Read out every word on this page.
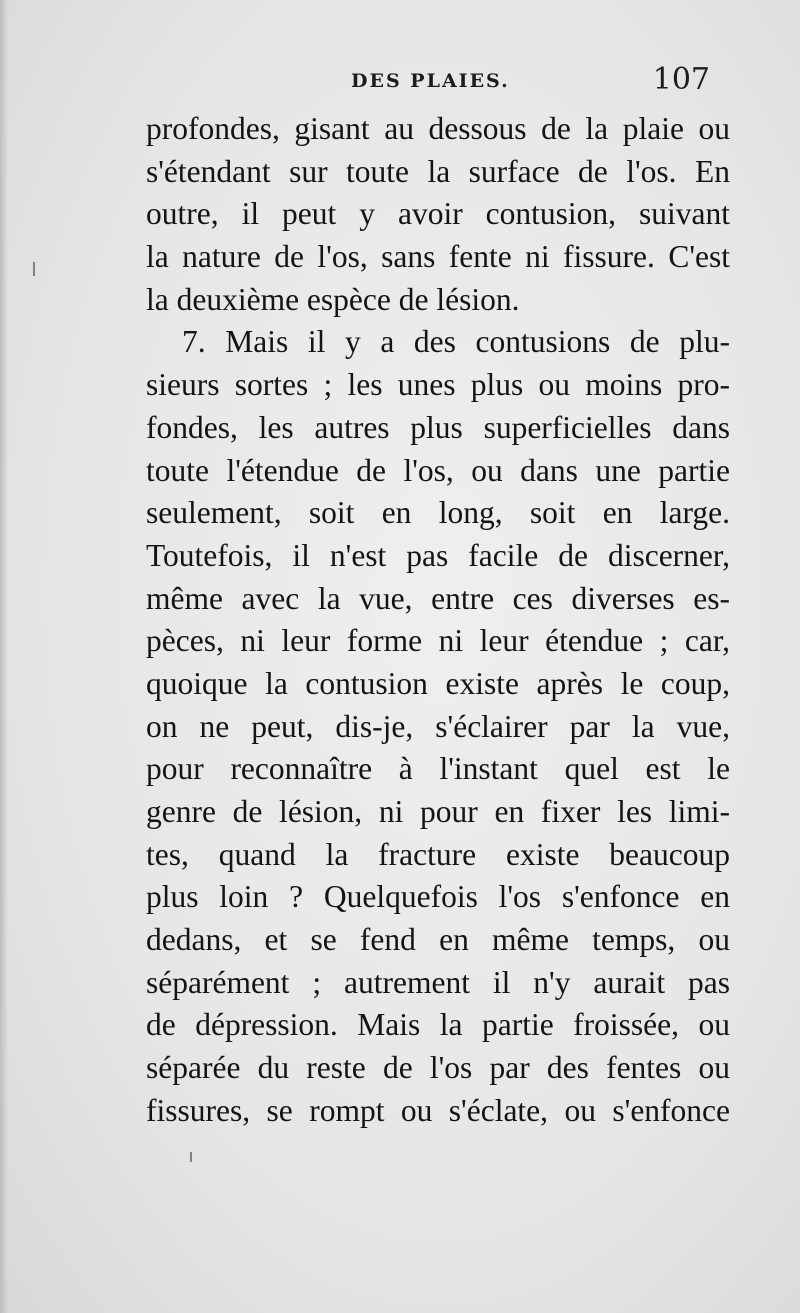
DES PLAIES.	107
profondes, gisant au dessous de la plaie ou
s'étendant sur toute la surface de l'os. En
outre, il peut y avoir contusion, suivant
la nature de l'os, sans fente ni fissure. C'est
la deuxième espèce de lésion.
7. Mais il y a des contusions de plu-
sieurs sortes ; les unes plus ou moins pro-
fondes, les autres plus superficielles dans
toute l'étendue de l'os, ou dans une partie
seulement, soit en long, soit en large.
Toutefois, il n'est pas facile de discerner,
même avec la vue, entre ces diverses es-
pèces, ni leur forme ni leur étendue ; car,
quoique la contusion existe après le coup,
on ne peut, dis-je, s'éclairer par la vue,
pour reconnaître à l'instant quel est le
genre de lésion, ni pour en fixer les limi-
tes, quand la fracture existe beaucoup
plus loin ? Quelquefois l'os s'enfonce en
dedans, et se fend en même temps, ou
séparément ; autrement il n'y aurait pas
de dépression. Mais la partie froissée, ou
séparée du reste de l'os par des fentes ou
fissures, se rompt ou s'éclate, ou s'enfonce
